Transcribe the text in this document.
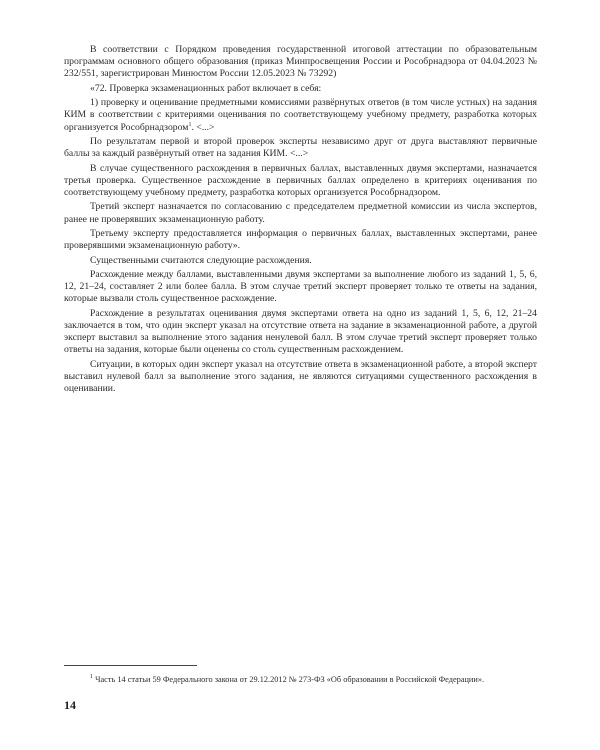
В соответствии с Порядком проведения государственной итоговой аттестации по образовательным программам основного общего образования (приказ Минпросвещения России и Рособрнадзора от 04.04.2023 № 232/551, зарегистрирован Минюстом России 12.05.2023 № 73292)

«72. Проверка экзаменационных работ включает в себя:

1) проверку и оценивание предметными комиссиями развёрнутых ответов (в том числе устных) на задания КИМ в соответствии с критериями оценивания по соответствующему учебному предмету, разработка которых организуется Рособрнадзором$^1$. <...>

По результатам первой и второй проверок эксперты независимо друг от друга выставляют первичные баллы за каждый развёрнутый ответ на задания КИМ. <...>

В случае существенного расхождения в первичных баллах, выставленных двумя экспертами, назначается третья проверка. Существенное расхождение в первичных баллах определено в критериях оценивания по соответствующему учебному предмету, разработка которых организуется Рособрнадзором.

Третий эксперт назначается по согласованию с председателем предметной комиссии из числа экспертов, ранее не проверявших экзаменационную работу.

Третьему эксперту предоставляется информация о первичных баллах, выставленных экспертами, ранее проверявшими экзаменационную работу».

Существенными считаются следующие расхождения.

Расхождение между баллами, выставленными двумя экспертами за выполнение любого из заданий 1, 5, 6, 12, 21–24, составляет 2 или более балла. В этом случае третий эксперт проверяет только те ответы на задания, которые вызвали столь существенное расхождение.

Расхождение в результатах оценивания двумя экспертами ответа на одно из заданий 1, 5, 6, 12, 21–24 заключается в том, что один эксперт указал на отсутствие ответа на задание в экзаменационной работе, а другой эксперт выставил за выполнение этого задания ненулевой балл. В этом случае третий эксперт проверяет только ответы на задания, которые были оценены со столь существенным расхождением.

Ситуации, в которых один эксперт указал на отсутствие ответа в экзаменационной работе, а второй эксперт выставил нулевой балл за выполнение этого задания, не являются ситуациями существенного расхождения в оценивании.

$^1$ Часть 14 статьи 59 Федерального закона от 29.12.2012 № 273-ФЗ «Об образовании в Российской Федерации».
14
